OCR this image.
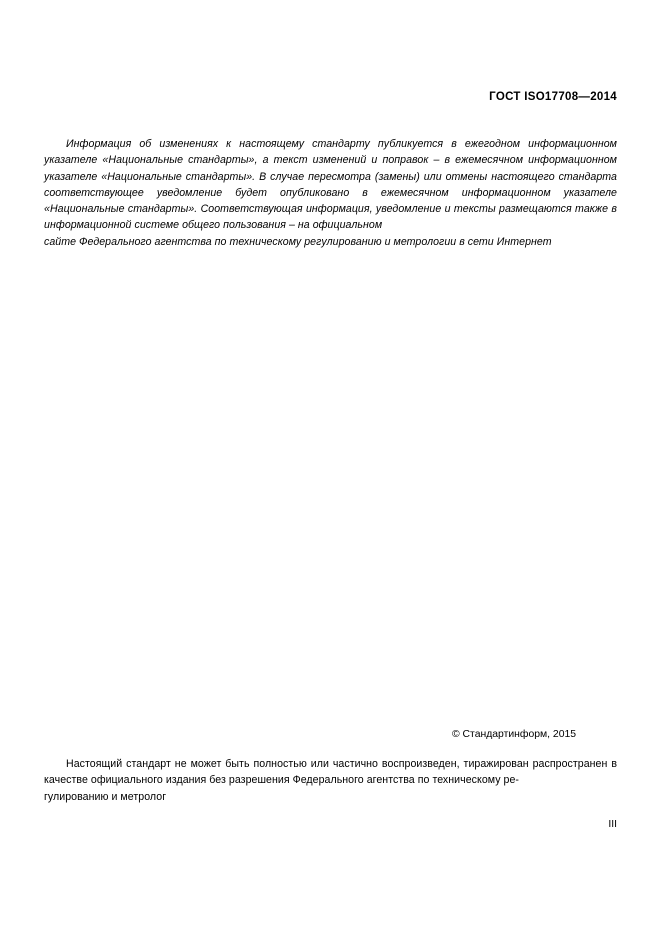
ГОСТ ISO17708—2014
Информация об изменениях к настоящему стандарту публикуется в ежегодном информационном указателе «Национальные стандарты», а текст изменений и поправок – в ежемесячном информационном указателе «Национальные стандарты». В случае пересмотра (замены) или отмены настоящего стандарта соответствующее уведомление будет опубликовано в ежемесячном информационном указателе «Национальные стандарты». Соответствующая информация, уведомление и тексты размещаются также в информационной системе общего пользования – на официальном
сайте Федерального агентства по техническому регулированию и метрологии в сети Интернет
© Стандартинформ, 2015
Настоящий стандарт не может быть полностью или частично воспроизведен, тиражирован распространен в качестве официального издания без разрешения Федерального агентства по техническому ре-
гулированию и метролог
III
